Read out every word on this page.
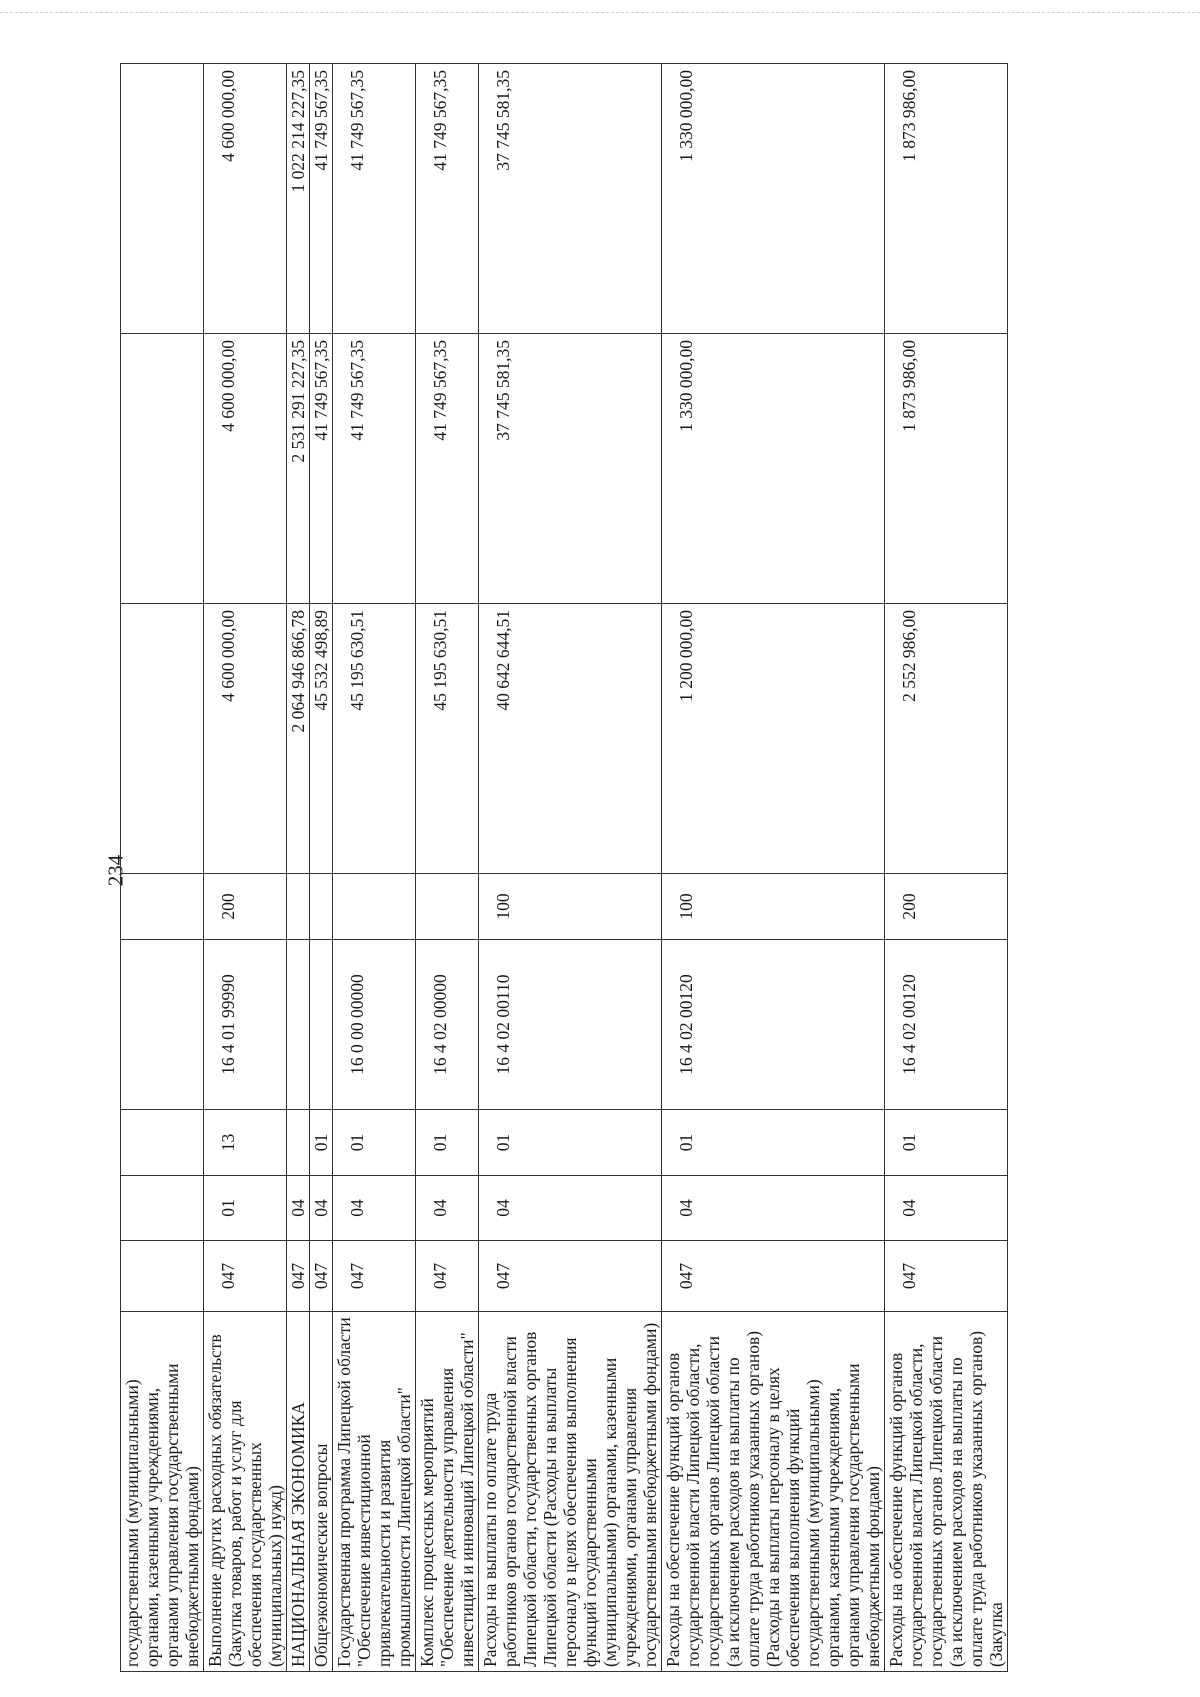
234
государственными (муниципальными) органами, казенными учреждениями, органами управления государственными внебюджетными фондами)								
Выполнение других расходных обязательств (Закупка товаров, работ и услуг для обеспечения государственных (муниципальных) нужд)	047	01	13	16 4 01 99990	200	4 600 000,00	4 600 000,00	4 600 000,00
НАЦИОНАЛЬНАЯ ЭКОНОМИКА	047	04				2 064 946 866,78	2 531 291 227,35	1 022 214 227,35
Общеэкономические вопросы	047	04	01			45 532 498,89	41 749 567,35	41 749 567,35
Государственная программа Липецкой области "Обеспечение инвестиционной привлекательности и развития промышленности Липецкой области"	047	04	01	16 0 00 00000		45 195 630,51	41 749 567,35	41 749 567,35
Комплекс процессных мероприятий "Обеспечение деятельности управления инвестиций и инноваций Липецкой области"	047	04	01	16 4 02 00000		45 195 630,51	41 749 567,35	41 749 567,35
Расходы на выплаты по оплате труда работников органов государственной власти Липецкой области, государственных органов Липецкой области (Расходы на выплаты персоналу в целях обеспечения выполнения функций государственными (муниципальными) органами, казенными учреждениями, органами управления государственными внебюджетными фондами)	047	04	01	16 4 02 00110	100	40 642 644,51	37 745 581,35	37 745 581,35
Расходы на обеспечение функций органов государственной власти Липецкой области, государственных органов Липецкой области (за исключением расходов на выплаты по оплате труда работников указанных органов) (Расходы на выплаты персоналу в целях обеспечения выполнения функций государственными (муниципальными) органами, казенными учреждениями, органами управления государственными внебюджетными фондами)	047	04	01	16 4 02 00120	100	1 200 000,00	1 330 000,00	1 330 000,00
Расходы на обеспечение функций органов государственной власти Липецкой области, государственных органов Липецкой области (за исключением расходов на выплаты по оплате труда работников указанных органов) (Закупка	047	04	01	16 4 02 00120	200	2 552 986,00	1 873 986,00	1 873 986,00
